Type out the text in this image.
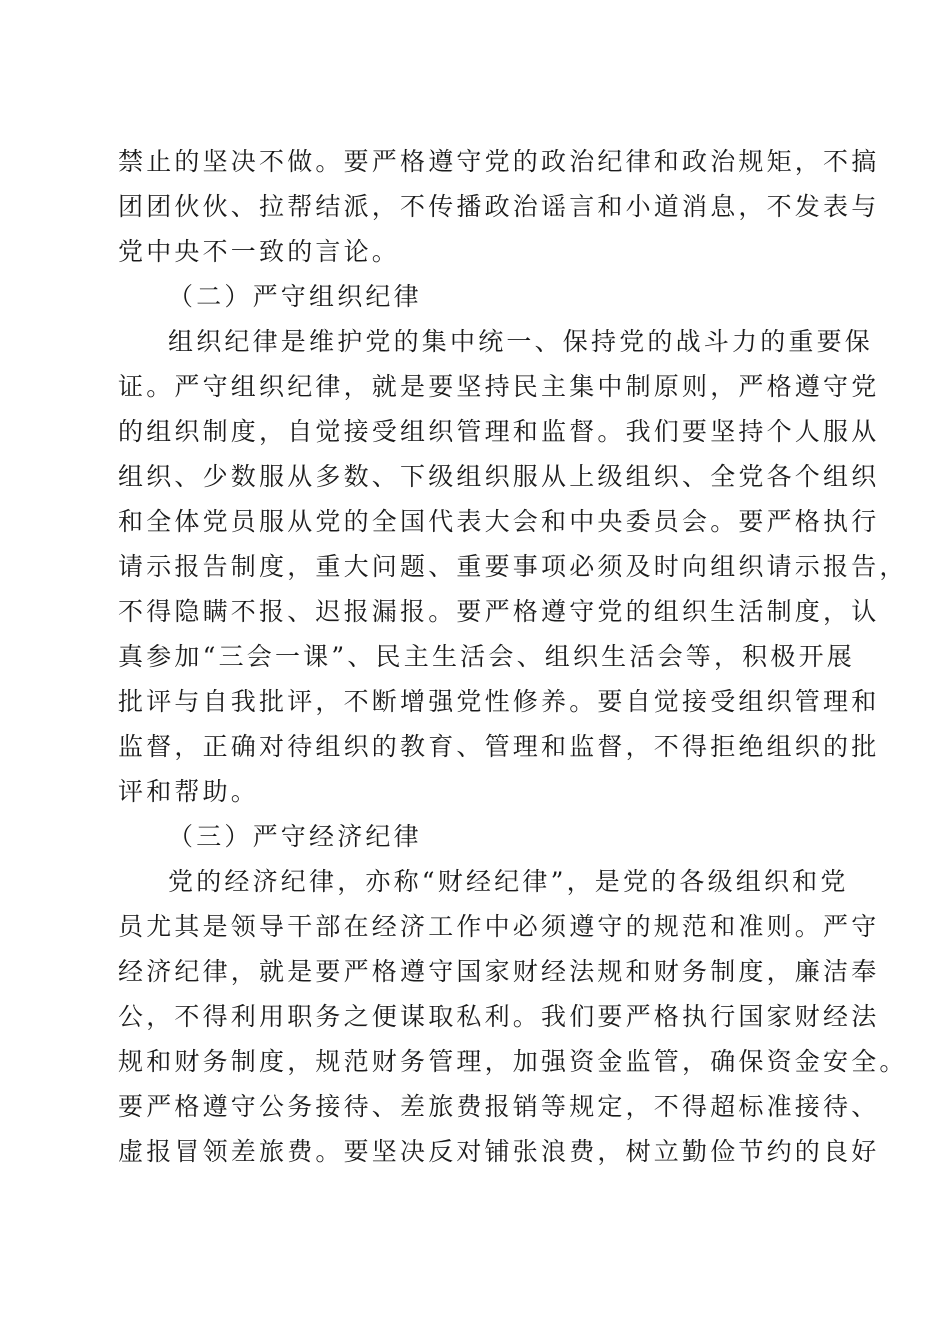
禁止的坚决不做。要严格遵守党的政治纪律和政治规矩，不搞
团团伙伙、拉帮结派，不传播政治谣言和小道消息，不发表与
党中央不一致的言论。
（二）严守组织纪律
组织纪律是维护党的集中统一、保持党的战斗力的重要保
证。严守组织纪律，就是要坚持民主集中制原则，严格遵守党
的组织制度，自觉接受组织管理和监督。我们要坚持个人服从
组织、少数服从多数、下级组织服从上级组织、全党各个组织
和全体党员服从党的全国代表大会和中央委员会。要严格执行
请示报告制度，重大问题、重要事项必须及时向组织请示报告，
不得隐瞒不报、迟报漏报。要严格遵守党的组织生活制度，认
真参加“三会一课”、民主生活会、组织生活会等，积极开展
批评与自我批评，不断增强党性修养。要自觉接受组织管理和
监督，正确对待组织的教育、管理和监督，不得拒绝组织的批
评和帮助。
（三）严守经济纪律
党的经济纪律，亦称“财经纪律”，是党的各级组织和党
员尤其是领导干部在经济工作中必须遵守的规范和准则。严守
经济纪律，就是要严格遵守国家财经法规和财务制度，廉洁奉
公，不得利用职务之便谋取私利。我们要严格执行国家财经法
规和财务制度，规范财务管理，加强资金监管，确保资金安全。
要严格遵守公务接待、差旅费报销等规定，不得超标准接待、
虚报冒领差旅费。要坚决反对铺张浪费，树立勤俭节约的良好
